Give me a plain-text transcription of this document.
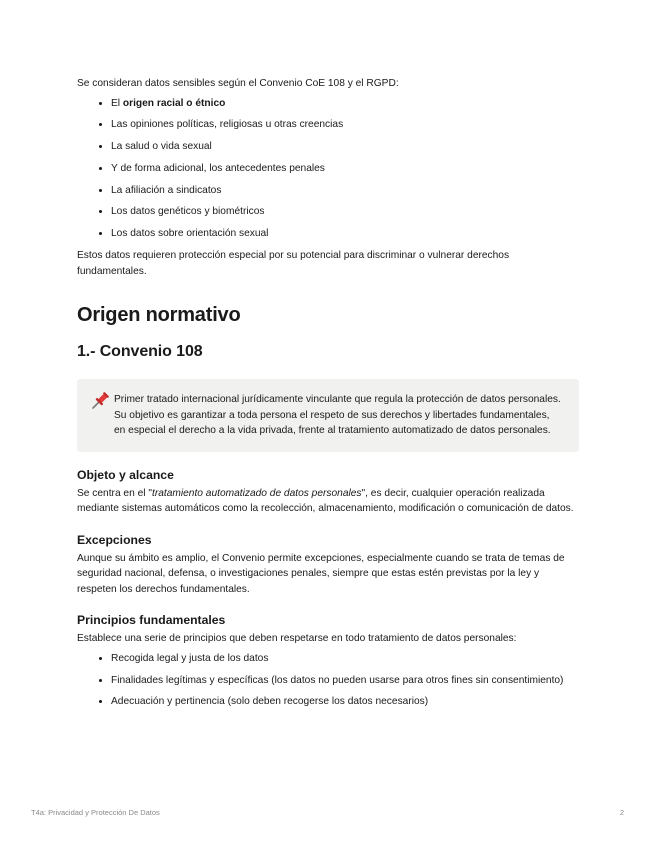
Se consideran datos sensibles según el Convenio CoE 108 y el RGPD:

• El origen racial o étnico
• Las opiniones políticas, religiosas u otras creencias
• La salud o vida sexual
• Y de forma adicional, los antecedentes penales
• La afiliación a sindicatos
• Los datos genéticos y biométricos
• Los datos sobre orientación sexual

Estos datos requieren protección especial por su potencial para discriminar o vulnerar derechos fundamentales.

Origen normativo
1.- Convenio 108

Primer tratado internacional jurídicamente vinculante que regula la protección de datos personales. Su objetivo es garantizar a toda persona el respeto de sus derechos y libertades fundamentales, en especial el derecho a la vida privada, frente al tratamiento automatizado de datos personales.

Objeto y alcance

Se centra en el "tratamiento automatizado de datos personales", es decir, cualquier operación realizada mediante sistemas automáticos como la recolección, almacenamiento, modificación o comunicación de datos.

Excepciones

Aunque su ámbito es amplio, el Convenio permite excepciones, especialmente cuando se trata de temas de seguridad nacional, defensa, o investigaciones penales, siempre que estas estén previstas por la ley y respeten los derechos fundamentales.

Principios fundamentales

Establece una serie de principios que deben respetarse en todo tratamiento de datos personales:

• Recogida legal y justa de los datos
• Finalidades legítimas y específicas (los datos no pueden usarse para otros fines sin consentimiento)
• Adecuación y pertinencia (solo deben recogerse los datos necesarios)
T4a: Privacidad y Protección De Datos	2
